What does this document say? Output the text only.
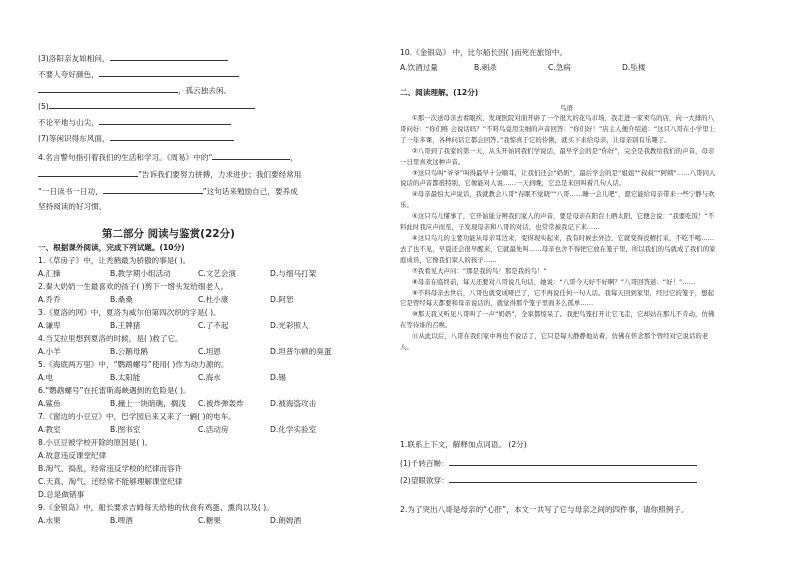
(3)洛阳亲友如相问，
不要人夸好颜色，
，孤云独去闲。
(5)
不论平地与山尖，
(7)等闲识得东风面，
4.名言警句指引着我们的生活和学习。《周易》中的“	，
”告诉我们要努力拼搏，力求进步；我们要经常用
“一日读书一日功，	”这句话来勉励自己，要养成
坚持阅读的好习惯。
第二部分 阅读与鉴赏(22分)
一、根据课外阅读，完成下列试题。(10分)
1.《草房子》中，让秃鹤最为骄傲的事是( )。
A.汇操	B.教学期小组活动	C.文艺会演	D.与细马打架
2.秦大奶奶一生最喜欢的孩子( )剪下一绺头发给细老人。
A.乔乔	B.桑桑	C.杜小康	D.阿恕
3.《夏洛的网》中，夏洛为威尔伯第四次织的字是( )。
A.谦卑	B.王牌猪	C.了不起	D.光彩照人
4.当艾拉里想到夏洛的时候，是( )救了它。
A.小羊	B.公鹅母鹅	C.坦恩	D.坦普尔顿的臭蛋
5.《海底两万里》中，“鹦鹉螺号”使用( )作为动力源的。
A.电	B.太阳能	C.海水	D.锡
6.“鹦鹉螺号”在托雷斯海峡遇到的危险是( )。
A.鲨鱼	B.撞上一块暗礁，搁浅 C.被炸弹轰炸	D.被海盗攻击
7.《窗边的小豆豆》中，巴学园后来又来了一辆( )的电车。
A.教室	B.图书室	C.活动房	D.化学实验室
8.小豆豆被学校开除的原因是( )。
A.故意违反课堂纪律
B.淘气、捣乱，经常违反学校的纪律而容许
C.天真、淘气，还经常不能够理解课堂纪律
D.总是做错事
9.《金银岛》中，船长要求吉姆每天给他的伙食有鸡蛋、熏肉以及( )。
A.水果	B.啤酒	C.糖果	D.朗姆酒
10.《金银岛》 中，比尔船长因( )而死在旅馆中。
A.饮酒过量	B.刺杀	C.急病	D.坠楼
二、阅读理解。(12分)
鸟语

①那一次送母亲去看眼疾，发现医院对面开辟了一个很大的花鸟市场，我走进一家卖鸟的店，向一大排的八哥问好：“你们唯 会说话吗？”不料鸟竟用尖细的声音回答：“你们好！”店主人便介绍道：“这只八哥在小学里上了一年多课，各种问话它都会回答。”我惊喜于它的伶俐，就买下来给母亲，让母亲别有乐趣了。

②八哥到了我家的第一天，从头开始同我们学说话，最早学会的是“你好”，完全是我教给我们的声音，母亲一日里喜欢这种声音。

③这只鸟叫“爷爷”叫得最早十分顺耳，让我们还会“奶奶”，最后学会的是“姐姐”“叔叔”“阿姨”……八哥同人说话的声音都很特别，它像能对人说……一天到晚，它总是来回叫着几句人话。

④母亲最怕大声说话，我就教会八哥“春眠不觉晓”“八哥……睡一会儿吧”，愿它能给母亲带来一些宁静与欢乐。

⑤这只鸟儿懂事了，它开始能分辨我们家人的声音，要是母亲在阳台上晒太阳，它便会说：“我要吃饭！”不料此时我应声而至，子发现母亲和八哥的对话，也常常被我记下来……

⑥这只鸟儿的主要功能从母亲耳边来，变得现实起来，我有时候去外边，它就变得没精打采，不吃不喝……去了也不见，早晨还会很早醒来，它就最先叫……母亲也舍不得把它放在笼子里，所以我们的鸟就成了我们的家庭成员，它像我们家人的孩子……

⑦我看见大声问：“那是我的鸟！那是我的鸟！”

⑧母亲在临终前，每天还要对八哥说几句话，她说：“八哥今天好不好啊？”八哥回答道：“好！”……

⑨不料母亲去世后，八哥也就变成哑巴了，它不再说任何一句人话。我每天回到家里，经过它的笼子，想起它是曾经每天都要和母亲说话的，就觉得那个笼子里面多么孤单……

⑩那天我又听见八哥叫了一声“奶奶”，全家都惊呆了。我把鸟笼打开让它飞走，它却站在那儿不肯动，仿佛在等待谁的召唤。

⑪从此以后，八哥在我们家中再也不说话了，它只是每天静静地站着，仿佛在怀念那个曾经对它说话的老人。

1.联系上下文，解释加点词语。 (2分)
(1)千转百啭：
(2)望眼欲穿：
2.为了突出八哥是母亲的“心肝”，本文一共写了它与母亲之间的四件事，请你照例子。
